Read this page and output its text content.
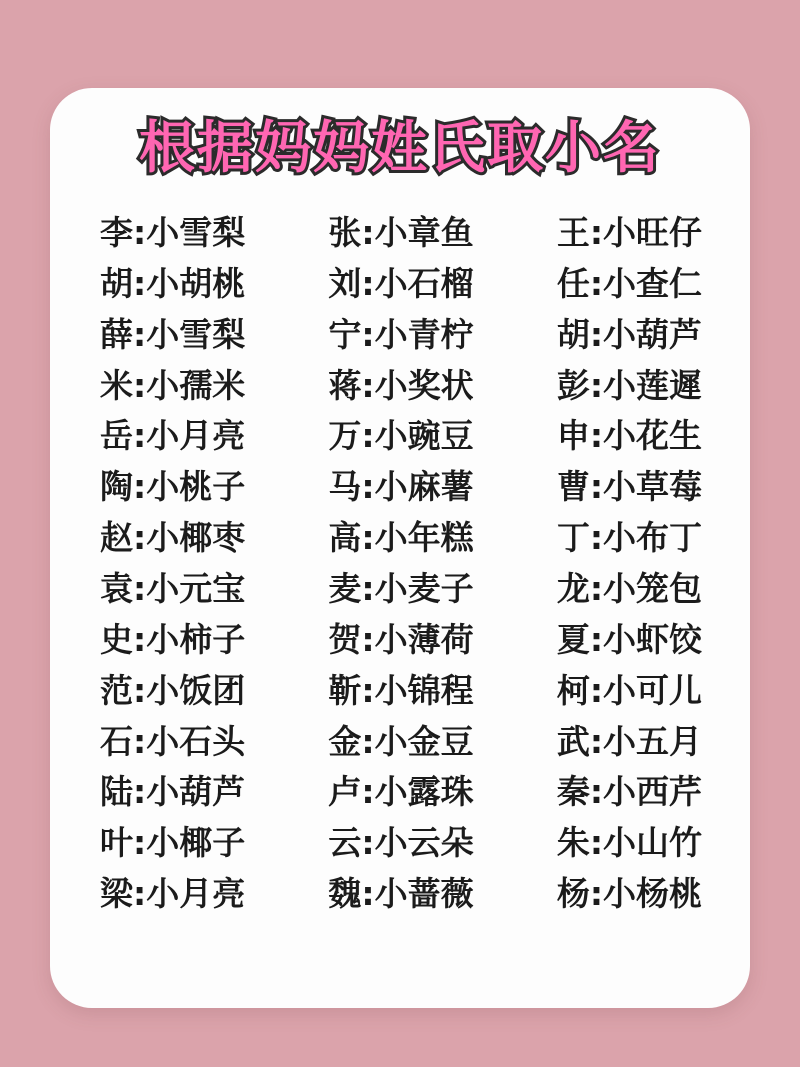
根据妈妈姓氏取小名
李:小雪梨
胡:小胡桃
薛:小雪梨
米:小孺米
岳:小月亮
陶:小桃子
赵:小椰枣
袁:小元宝
史:小柿子
范:小饭团
石:小石头
陆:小葫芦
叶:小椰子
梁:小月亮
张:小章鱼
刘:小石榴
宁:小青柠
蒋:小奖状
万:小豌豆
马:小麻薯
高:小年糕
麦:小麦子
贺:小薄荷
靳:小锦程
金:小金豆
卢:小露珠
云:小云朵
魏:小蔷薇
王:小旺仔
任:小查仁
胡:小葫芦
彭:小莲遲
申:小花生
曹:小草莓
丁:小布丁
龙:小笼包
夏:小虾饺
柯:小可儿
武:小五月
秦:小西芹
朱:小山竹
杨:小杨桃
